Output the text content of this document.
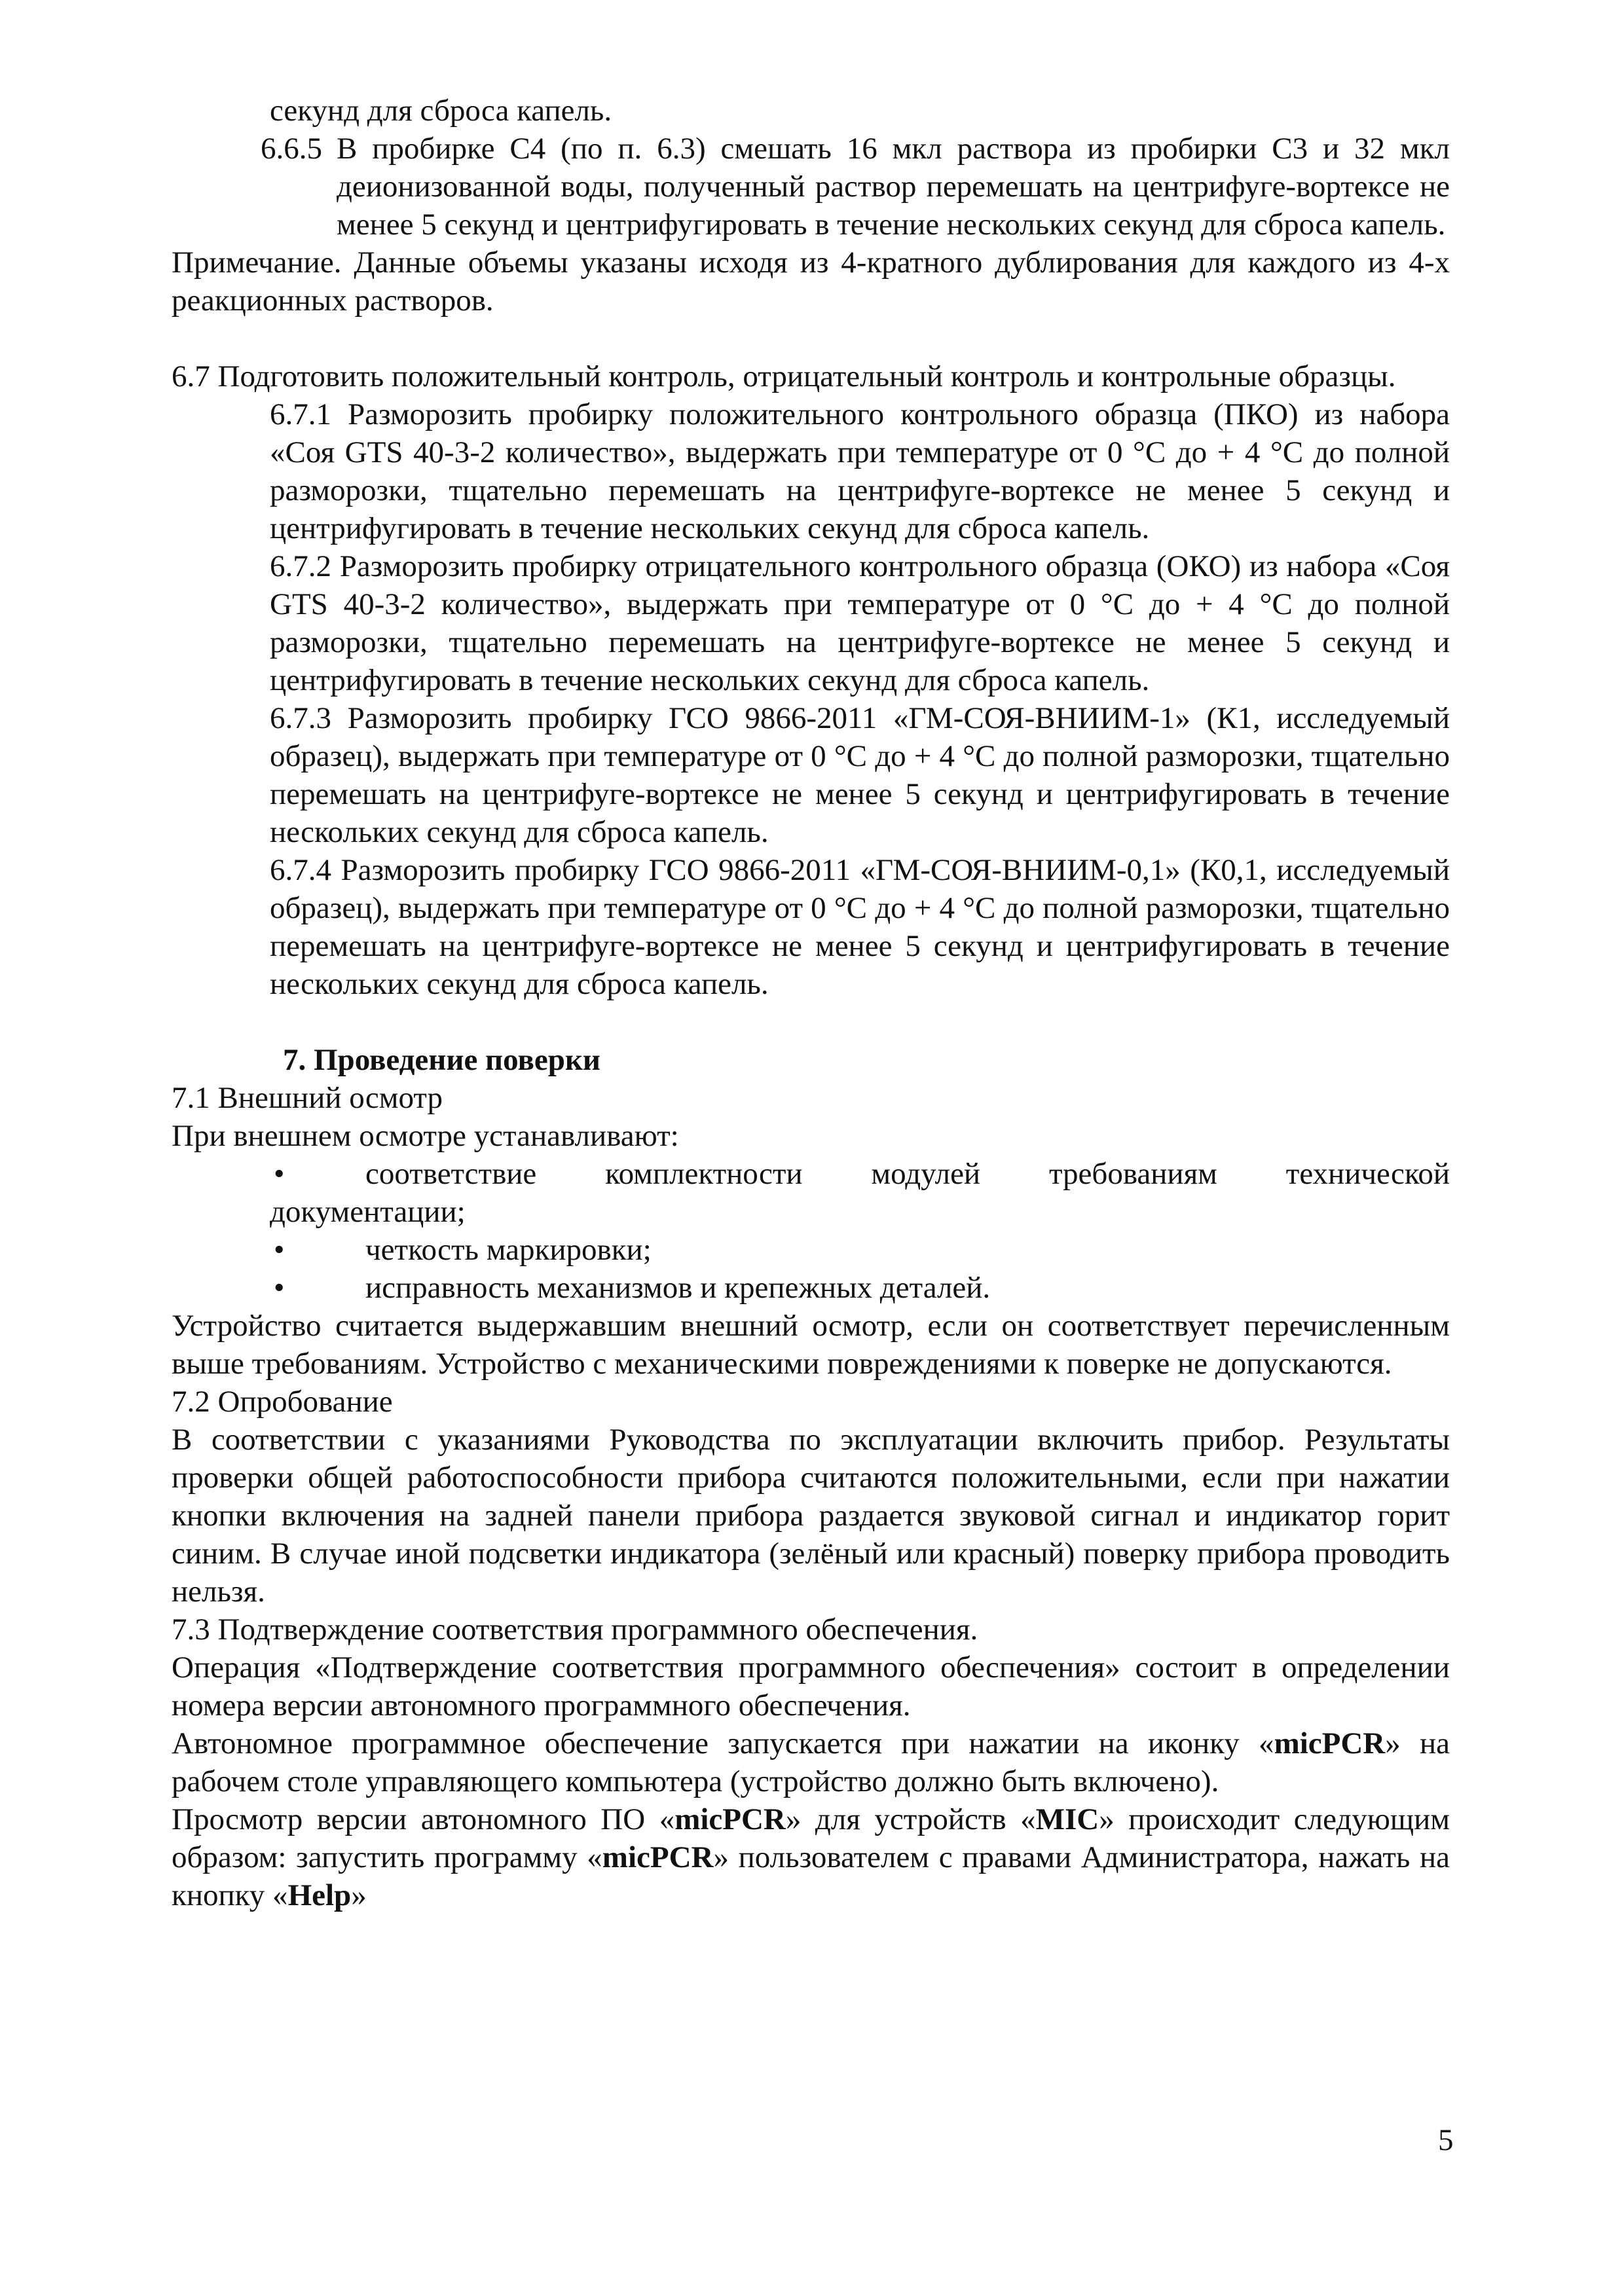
секунд для сброса капель.

6.6.5 В пробирке С4 (по п. 6.3) смешать 16 мкл раствора из пробирки С3 и 32 мкл деионизованной воды, полученный раствор перемешать на центрифуге-вортексе не менее 5 секунд и центрифугировать в течение нескольких секунд для сброса капель.

Примечание. Данные объемы указаны исходя из 4-кратного дублирования для каждого из 4-х реакционных растворов.

6.7 Подготовить положительный контроль, отрицательный контроль и контрольные образцы.

6.7.1 Разморозить пробирку положительного контрольного образца (ПКО) из набора «Соя GTS 40-3-2 количество», выдержать при температуре от 0 °С до + 4 °С до полной разморозки, тщательно перемешать на центрифуге-вортексе не менее 5 секунд и центрифугировать в течение нескольких секунд для сброса капель.

6.7.2 Разморозить пробирку отрицательного контрольного образца (ОКО) из набора «Соя GTS 40-3-2 количество», выдержать при температуре от 0 °С до + 4 °С до полной разморозки, тщательно перемешать на центрифуге-вортексе не менее 5 секунд и центрифугировать в течение нескольких секунд для сброса капель.

6.7.3 Разморозить пробирку ГСО 9866-2011 «ГМ-СОЯ-ВНИИМ-1» (К1, исследуемый образец), выдержать при температуре от 0 °С до + 4 °С до полной разморозки, тщательно перемешать на центрифуге-вортексе не менее 5 секунд и центрифугировать в течение нескольких секунд для сброса капель.

6.7.4 Разморозить пробирку ГСО 9866-2011 «ГМ-СОЯ-ВНИИМ-0,1» (К0,1, исследуемый образец), выдержать при температуре от 0 °С до + 4 °С до полной разморозки, тщательно перемешать на центрифуге-вортексе не менее 5 секунд и центрифугировать в течение нескольких секунд для сброса капель.

7. Проведение поверки

7.1 Внешний осмотр

При внешнем осмотре устанавливают:

•	соответствие комплектности модулей требованиям технической

документации;

•	четкость маркировки;
•	исправность механизмов и крепежных деталей.

Устройство считается выдержавшим внешний осмотр, если он соответствует перечисленным выше требованиям. Устройство с механическими повреждениями к поверке не допускаются.

7.2 Опробование

В соответствии с указаниями Руководства по эксплуатации включить прибор. Результаты проверки общей работоспособности прибора считаются положительными, если при нажатии кнопки включения на задней панели прибора раздается звуковой сигнал и индикатор горит синим. В случае иной подсветки индикатора (зелёный или красный) поверку прибора проводить нельзя.

7.3 Подтверждение соответствия программного обеспечения.

Операция «Подтверждение соответствия программного обеспечения» состоит в определении номера версии автономного программного обеспечения.

Автономное программное обеспечение запускается при нажатии на иконку «micPCR» на рабочем столе управляющего компьютера (устройство должно быть включено).

Просмотр версии автономного ПО «micPCR» для устройств «MIC» происходит следующим образом: запустить программу «micPCR» пользователем с правами Администратора, нажать на кнопку «Help»

5
